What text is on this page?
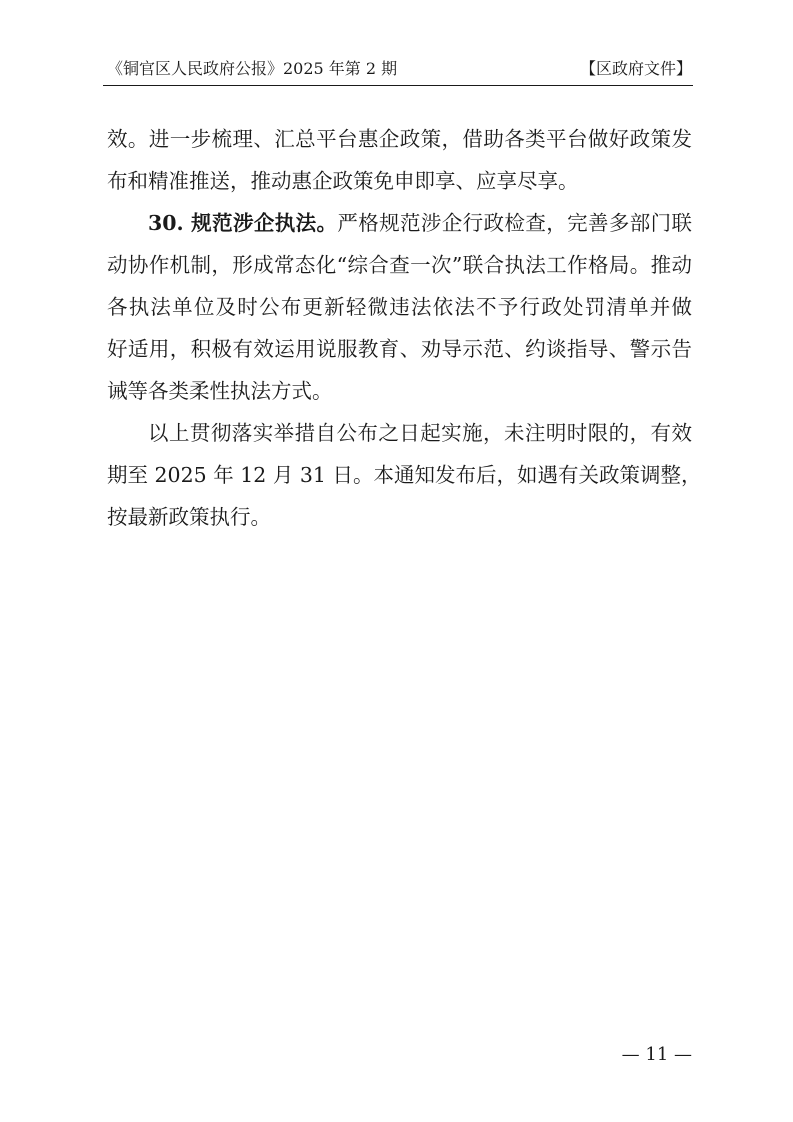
《铜官区人民政府公报》2025 年第 2 期	【区政府文件】
效。进一步梳理、汇总平台惠企政策，借助各类平台做好政策发
布和精准推送，推动惠企政策免申即享、应享尽享。
30. 规范涉企执法。严格规范涉企行政检查，完善多部门联
动协作机制，形成常态化“综合查一次”联合执法工作格局。推动
各执法单位及时公布更新轻微违法依法不予行政处罚清单并做
好适用，积极有效运用说服教育、劝导示范、约谈指导、警示告
诫等各类柔性执法方式。
以上贯彻落实举措自公布之日起实施，未注明时限的，有效
期至 2025 年 12 月 31 日。本通知发布后，如遇有关政策调整，
按最新政策执行。
— 11 —
